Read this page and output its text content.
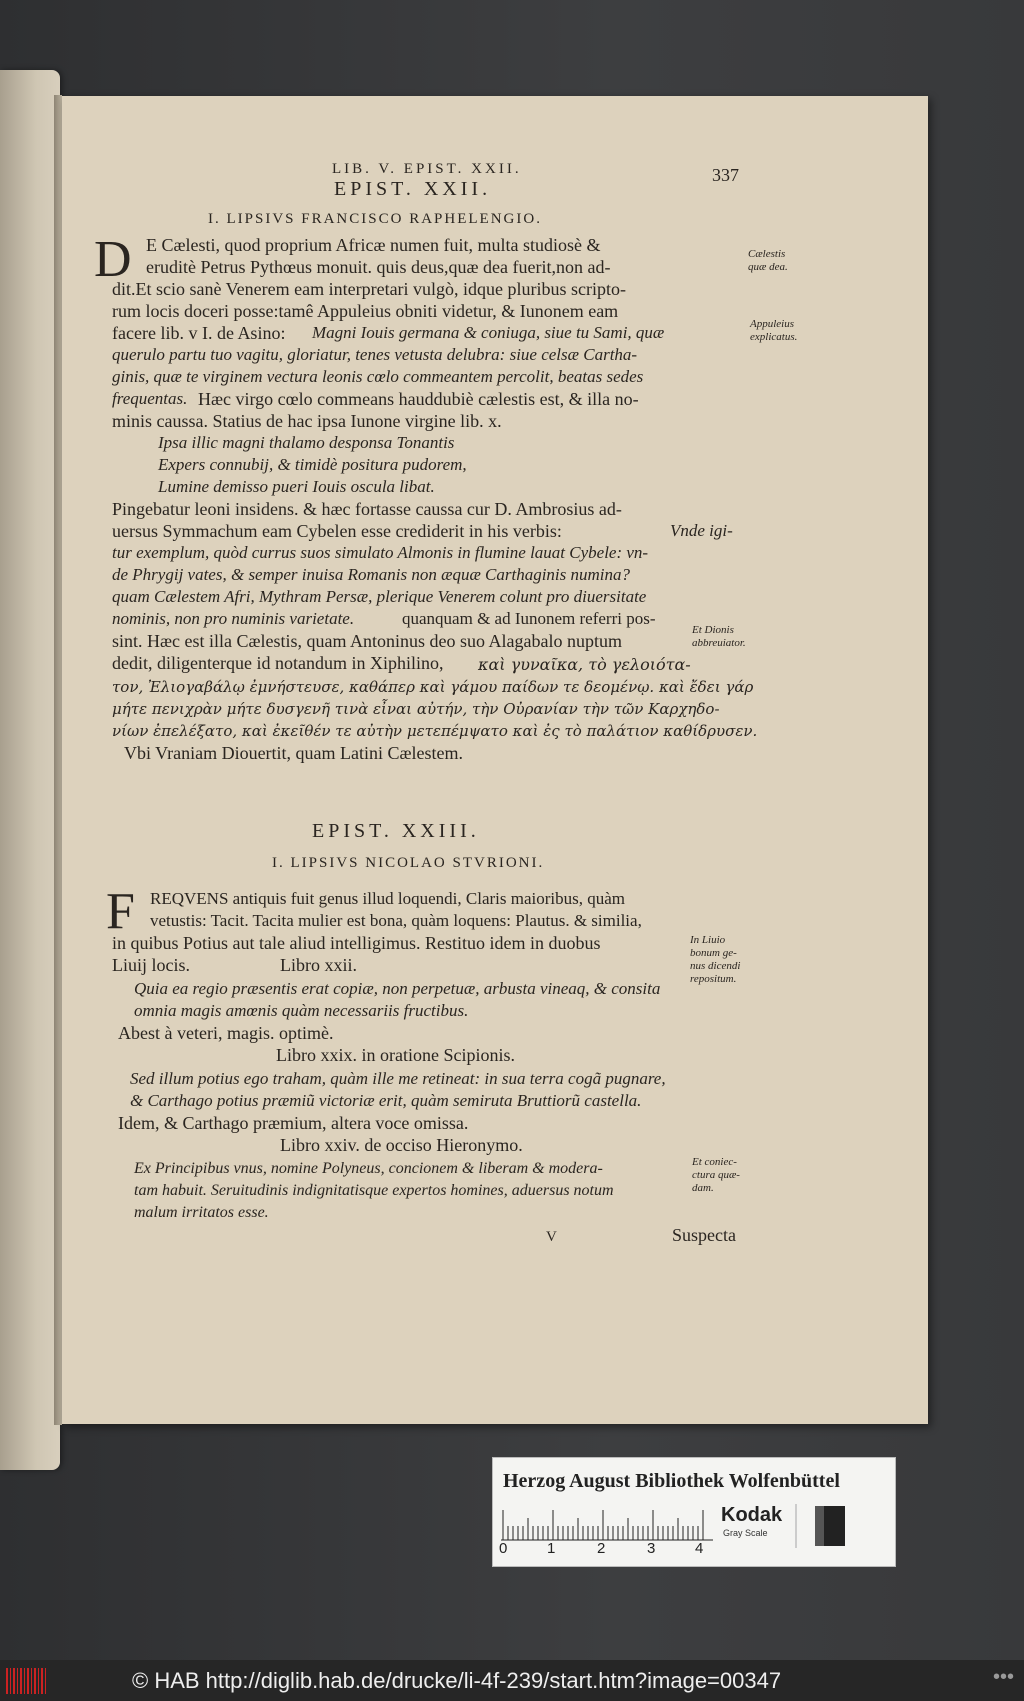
LIB. V. EPIST. XXII.	337
EPIST. XXII.
I. LIPSIVS FRANCISCO RAPHELENGIO.
D E Cælesti, quod proprium Africæ numen fuit, multa studiosè &
eruditè Petrus Pythœus monuit. quis deus,quæ dea fuerit,non ad-
dit.Et scio sanè Venerem eam interpretari vulgò, idque pluribus scripto-
rum locis doceri posse:tamê Appuleius obniti videtur, & Iunonem eam
facere lib. v I. de Asino: Magni Iouis germana & coniuga, siue tu Sami, quæ
querulo partu tuo vagitu, gloriatur, tenes vetusta delubra: siue celsæ Cartha-
ginis, quæ te virginem vectura leonis cœlo commeantem percolit, beatas sedes
frequentas. Hæc virgo cœlo commeans hauddubiè cælestis est, & illa no-
minis caussa. Statius de hac ipsa Iunone virgine lib. x.
Ipsa illic magni thalamo desponsa Tonantis
Expers connubij, & timidè positura pudorem,
Lumine demisso pueri Iouis oscula libat.
Pingebatur leoni insidens. & hæc fortasse caussa cur D. Ambrosius ad-
uersus Symmachum eam Cybelen esse crediderit in his verbis:	Vnde igi-
tur exemplum, quòd currus suos simulato Almonis in flumine lauat Cybele: vn-
de Phrygij vates, & semper inuisa Romanis non æquæ Carthaginis numina?
quam Cælestem Afri, Mythram Persæ, plerique Venerem colunt pro diuersitate
nominis, non pro numinis varietate.	quanquam & ad Iunonem referri pos-
sint. Hæc est illa Cælestis, quam Antoninus deo suo Alagabalo nuptum
dedit, diligenterque id notandum in Xiphilino, καὶ γυναῖκα, τὸ γελοιότα-
τον, Ἐλιογαβάλῳ ἐμνήστευσε, καθάπερ καὶ γάμου παίδων τε δεομένῳ. καὶ ἔδει γάρ
μήτε πενιχρὰν μήτε δυσγενῆ τινὰ εἶναι αὐτήν, τὴν Οὐρανίαν τὴν τῶν Καρχηδο-
νίων ἐπελέξατο, καὶ ἐκεῖθέν τε αὐτὴν μετεπέμψατο καὶ ἐς τὸ παλάτιον καθίδρυσεν.
Vbi Vraniam Diouertit, quam Latini Cælestem.
EPIST. XXIII.
I. LIPSIVS NICOLAO STVRIONI.
F REQVENS antiquis fuit genus illud loquendi, Claris maioribus, quàm
vetustis: Tacit. Tacita mulier est bona, quàm loquens: Plautus. & similia,
in quibus Potius aut tale aliud intelligimus. Restituo idem in duobus
Liuij locis.                    Libro xxii.
Quia ea regio præsentis erat copiæ, non perpetuæ, arbusta vineaq, & consita
omnia magis amœnis quàm necessariis fructibus.
Abest à veteri, magis. optimè.
Libro xxix. in oratione Scipionis.
Sed illum potius ego traham, quàm ille me retineat: in sua terra cogã pugnare,
& Carthago potius præmiũ victoriæ erit, quàm semiruta Bruttiorũ castella.
Idem, & Carthago præmium, altera voce omissa.
Libro xxiv. de occiso Hieronymo.
Ex Principibus vnus, nomine Polyneus, concionem & liberam & modera-
tam habuit. Seruitudinis indignitatisque expertos homines, aduersus notum
malum irritatos esse.
V	Suspecta
Cælestis
quæ dea.
Appuleius
explicatus.
Et Dionis
abbreuiator.
In Liuio
bonum ge-
nus dicendi
repositum.
Et coniec-
ctura quæ-
dam.
Herzog August Bibliothek Wolfenbüttel
0	1	2	3	4
Kodak
Gray Scale
© HAB http://diglib.hab.de/drucke/li-4f-239/start.htm?image=00347	•••
